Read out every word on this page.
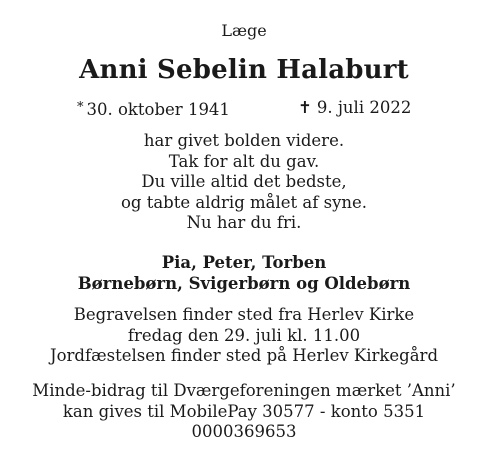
Læge
Anni Sebelin Halaburt
* 30. oktober 1941	✝ 9. juli 2022
har givet bolden videre.
Tak for alt du gav.
Du ville altid det bedste,
og tabte aldrig målet af syne.
Nu har du fri.
Pia, Peter, Torben
Børnebørn, Svigerbørn og Oldebørn
Begravelsen finder sted fra Herlev Kirke
fredag den 29. juli kl. 11.00
Jordfæstelsen finder sted på Herlev Kirkegård
Minde-bidrag til Dværgeforeningen mærket ’Anni’
kan gives til MobilePay 30577 - konto 5351
0000369653
